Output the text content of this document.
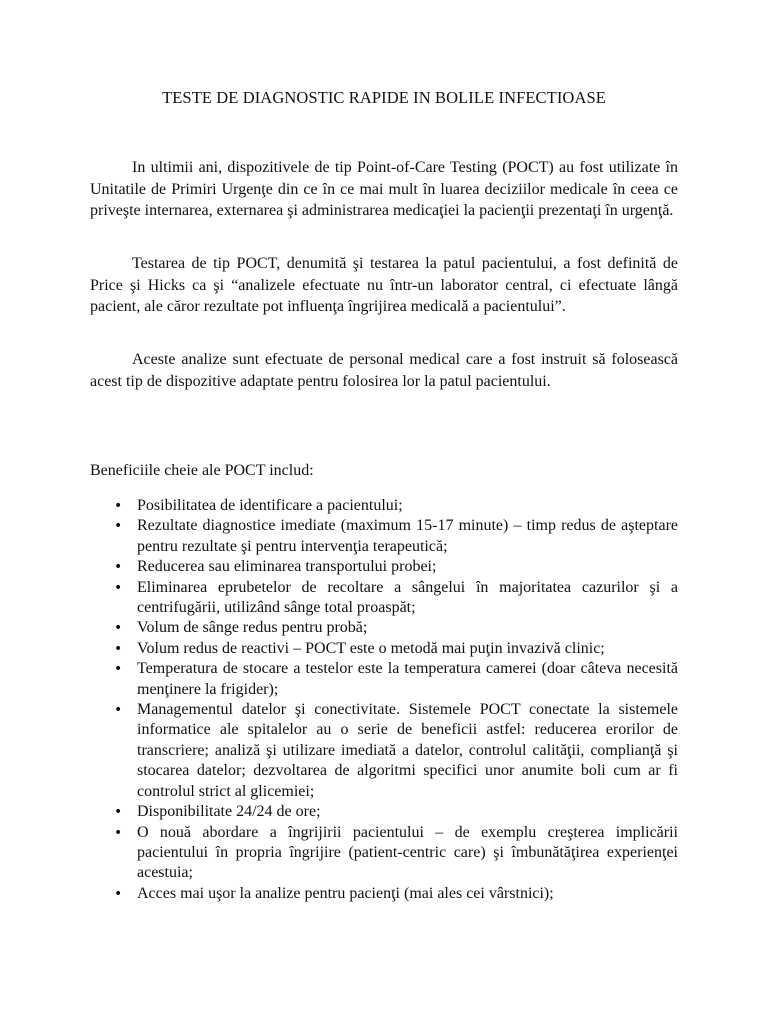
TESTE DE DIAGNOSTIC RAPIDE IN BOLILE INFECTIOASE

In ultimii ani, dispozitivele de tip Point-of-Care Testing (POCT) au fost utilizate în Unitatile de Primiri Urgenţe din ce în ce mai mult în luarea deciziilor medicale în ceea ce priveşte internarea, externarea şi administrarea medicaţiei la pacienţii prezentaţi în urgenţă.

Testarea de tip POCT, denumită şi testarea la patul pacientului, a fost definită de Price şi Hicks ca şi “analizele efectuate nu într-un laborator central, ci efectuate lângă pacient, ale căror rezultate pot influenţa îngrijirea medicală a pacientului”.

Aceste analize sunt efectuate de personal medical care a fost instruit să folosească acest tip de dispozitive adaptate pentru folosirea lor la patul pacientului.

Beneficiile cheie ale POCT includ:

• Posibilitatea de identificare a pacientului;
• Rezultate diagnostice imediate (maximum 15-17 minute) – timp redus de aşteptare pentru rezultate şi pentru intervenţia terapeutică;
• Reducerea sau eliminarea transportului probei;
• Eliminarea eprubetelor de recoltare a sângelui în majoritatea cazurilor şi a centrifugării, utilizând sânge total proaspăt;
• Volum de sânge redus pentru probă;
• Volum redus de reactivi – POCT este o metodă mai puţin invazivă clinic;
• Temperatura de stocare a testelor este la temperatura camerei (doar câteva necesită menţinere la frigider);
• Managementul datelor şi conectivitate. Sistemele POCT conectate la sistemele informatice ale spitalelor au o serie de beneficii astfel: reducerea erorilor de transcriere; analiză şi utilizare imediată a datelor, controlul calităţii, complianţă şi stocarea datelor; dezvoltarea de algoritmi specifici unor anumite boli cum ar fi controlul strict al glicemiei;
• Disponibilitate 24/24 de ore;
• O nouă abordare a îngrijirii pacientului – de exemplu creşterea implicării pacientului în propria îngrijire (patient-centric care) şi îmbunătăţirea experienţei acestuia;
• Acces mai uşor la analize pentru pacienţi (mai ales cei vârstnici);
